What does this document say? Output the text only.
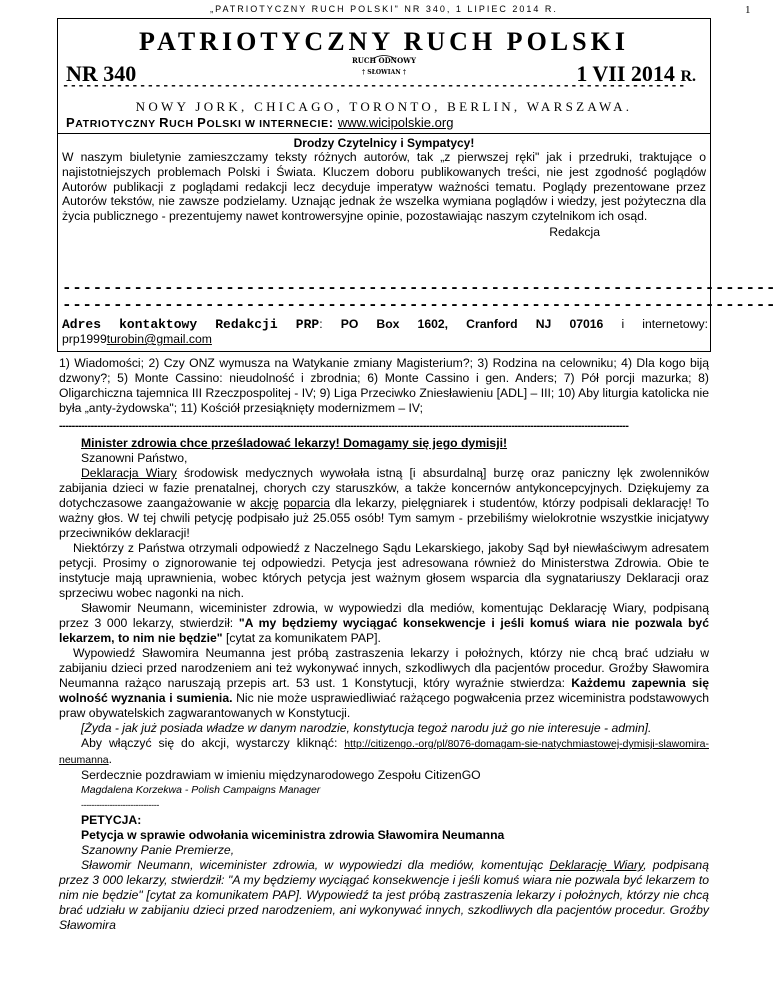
„PATRIOTYCZNY RUCH POLSKI" NR 340, 1 LIPIEC 2014 R.	1
PATRIOTYCZNY RUCH POLSKI
NR 340
RUCH ODNOWY
† SŁOWIAN †	1 VII 2014 R.
---------------------------------------------------------------------------------
NOWY JORK, CHICAGO, TORONTO, BERLIN, WARSZAWA.
PATRIOTYCZNY RUCH POLSKI W INTERNECIE: www.wicipolskie.org
Drodzy Czytelnicy i Sympatycy!
W naszym biuletynie zamieszczamy teksty różnych autorów, tak „z pierwszej ręki" jak i przedruki, traktujące o najistotniejszych problemach Polski i Świata. Kluczem doboru publikowanych treści, nie jest zgodność poglądów Autorów publikacji z poglądami redakcji lecz decyduje imperatyw ważności tematu. Poglądy prezentowane przez Autorów tekstów, nie zawsze podzielamy. Uznając jednak że wszelka wymiana poglądów i wiedzy, jest pożyteczna dla życia publicznego - prezentujemy nawet kontrowersyjne opinie, pozostawiając naszym czytelnikom ich osąd.
Redakcja
----------------------------------------------------------------------
----------------------------------------------------------------------
Adres kontaktowy Redakcji PRP: PO Box 1602, Cranford NJ 07016 i internetowy:
prp1999turobin@gmail.com
1) Wiadomości; 2) Czy ONZ wymusza na Watykanie zmiany Magisterium?; 3) Rodzina na celowniku; 4) Dla kogo biją dzwony?; 5) Monte Cassino: nieudolność i zbrodnia; 6) Monte Cassino i gen. Anders; 7) Pół porcji mazurka; 8) Oligarchiczna tajemnica III Rzeczpospolitej - IV; 9) Liga Przeciwko Zniesławieniu [ADL] – III; 10) Aby liturgia katolicka nie była „anty-żydowska"; 11) Kościół przesiąknięty modernizmem – IV;
------------------------------------------------------------------------------------------------------------------------------------------------------------------------------------

Minister zdrowia chce prześladować lekarzy! Domagamy się jego dymisji!

Szanowni Państwo,

Deklaracja Wiary środowisk medycznych wywołała istną [i absurdalną] burzę oraz paniczny lęk zwolenników zabijania dzieci w fazie prenatalnej, chorych czy staruszków, a także koncernów antykoncepcyjnych. Dziękujemy za dotychczasowe zaangażowanie w akcję poparcia dla lekarzy, pielęgniarek i studentów, którzy podpisali deklarację! To ważny głos. W tej chwili petycję podpisało już 25.055 osób! Tym samym - przebiliśmy wielokrotnie wszystkie inicjatywy przeciwników deklaracji!

Niektórzy z Państwa otrzymali odpowiedź z Naczelnego Sądu Lekarskiego, jakoby Sąd był niewłaściwym adresatem petycji. Prosimy o zignorowanie tej odpowiedzi. Petycja jest adresowana również do Ministerstwa Zdrowia. Obie te instytucje mają uprawnienia, wobec których petycja jest ważnym głosem wsparcia dla sygnatariuszy Deklaracji oraz sprzeciwu wobec nagonki na nich.

Sławomir Neumann, wiceminister zdrowia, w wypowiedzi dla mediów, komentując Deklarację Wiary, podpisaną przez 3 000 lekarzy, stwierdził: "A my będziemy wyciągać konsekwencje i jeśli komuś wiara nie pozwala być lekarzem, to nim nie będzie" [cytat za komunikatem PAP].

Wypowiedź Sławomira Neumanna jest próbą zastraszenia lekarzy i położnych, którzy nie chcą brać udziału w zabijaniu dzieci przed narodzeniem ani też wykonywać innych, szkodliwych dla pacjentów procedur. Groźby Sławomira Neumanna rażąco naruszają przepis art. 53 ust. 1 Konstytucji, który wyraźnie stwierdza: Każdemu zapewnia się wolność wyznania i sumienia. Nic nie może usprawiedliwiać rażącego pogwałcenia przez wiceministra podstawowych praw obywatelskich zagwarantowanych w Konstytucji.

[Żyda - jak już posiada władze w danym narodzie, konstytucja tegoż narodu już go nie interesuje - admin].

Aby włączyć się do akcji, wystarczy kliknąć: http://citizengo.-org/pl/8076-domagam-sie-natychmiastowej-dymisji-slawomira-neumanna.

Serdecznie pozdrawiam w imieniu międzynarodowego Zespołu CitizenGO

Magdalena Korzekwa - Polish Campaigns Manager

------------------------------

PETYCJA:

Petycja w sprawie odwołania wiceministra zdrowia Sławomira Neumanna

Szanowny Panie Premierze,

Sławomir Neumann, wiceminister zdrowia, w wypowiedzi dla mediów, komentując Deklarację Wiary, podpisaną przez 3 000 lekarzy, stwierdził: "A my będziemy wyciągać konsekwencje i jeśli komuś wiara nie pozwala być lekarzem to nim nie będzie" [cytat za komunikatem PAP]. Wypowiedź ta jest próbą zastraszenia lekarzy i położnych, którzy nie chcą brać udziału w zabijaniu dzieci przed narodzeniem, ani wykonywać innych, szkodliwych dla pacjentów procedur. Groźby Sławomira
